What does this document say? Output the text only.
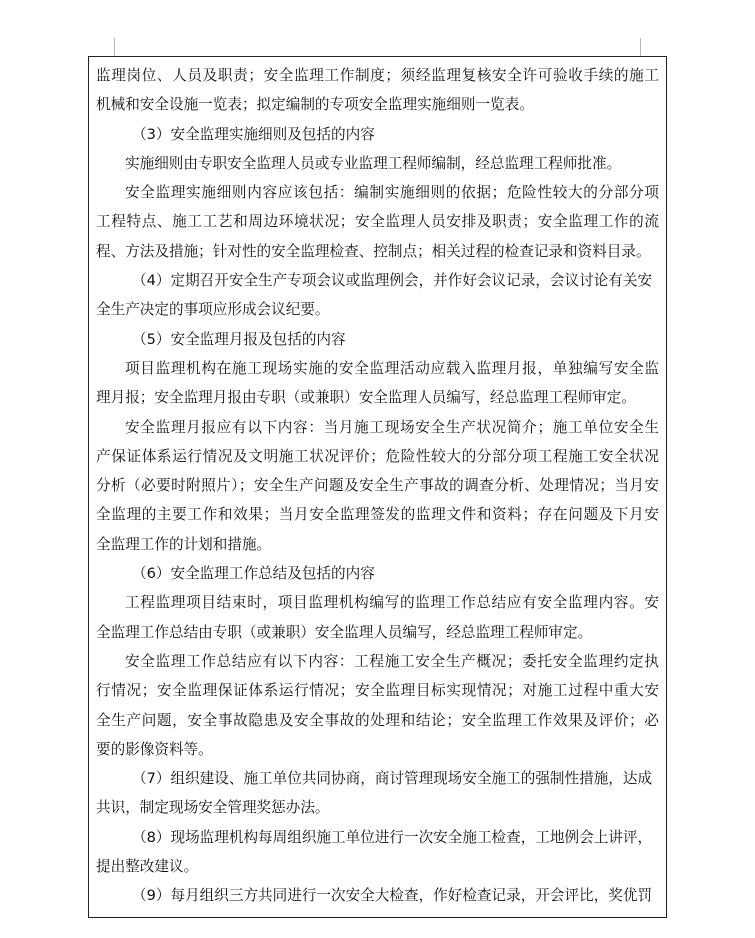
监理岗位、人员及职责；安全监理工作制度；须经监理复核安全许可验收手续的施工
机械和安全设施一览表；拟定编制的专项安全监理实施细则一览表。
（3）安全监理实施细则及包括的内容
实施细则由专职安全监理人员或专业监理工程师编制，经总监理工程师批准。
安全监理实施细则内容应该包括：编制实施细则的依据；危险性较大的分部分项
工程特点、施工工艺和周边环境状况；安全监理人员安排及职责；安全监理工作的流
程、方法及措施；针对性的安全监理检查、控制点；相关过程的检查记录和资料目录。
（4）定期召开安全生产专项会议或监理例会，并作好会议记录，会议讨论有关安
全生产决定的事项应形成会议纪要。
（5）安全监理月报及包括的内容
项目监理机构在施工现场实施的安全监理活动应载入监理月报，单独编写安全监
理月报；安全监理月报由专职（或兼职）安全监理人员编写，经总监理工程师审定。
安全监理月报应有以下内容：当月施工现场安全生产状况简介；施工单位安全生
产保证体系运行情况及文明施工状况评价；危险性较大的分部分项工程施工安全状况
分析（必要时附照片）；安全生产问题及安全生产事故的调查分析、处理情况；当月安
全监理的主要工作和效果；当月安全监理签发的监理文件和资料；存在问题及下月安
全监理工作的计划和措施。
（6）安全监理工作总结及包括的内容
工程监理项目结束时，项目监理机构编写的监理工作总结应有安全监理内容。安
全监理工作总结由专职（或兼职）安全监理人员编写，经总监理工程师审定。
安全监理工作总结应有以下内容：工程施工安全生产概况；委托安全监理约定执
行情况；安全监理保证体系运行情况；安全监理目标实现情况；对施工过程中重大安
全生产问题，安全事故隐患及安全事故的处理和结论；安全监理工作效果及评价；必
要的影像资料等。
（7）组织建设、施工单位共同协商，商讨管理现场安全施工的强制性措施，达成
共识，制定现场安全管理奖惩办法。
（8）现场监理机构每周组织施工单位进行一次安全施工检查，工地例会上讲评，
提出整改建议。
（9）每月组织三方共同进行一次安全大检查，作好检查记录，开会评比，奖优罚
